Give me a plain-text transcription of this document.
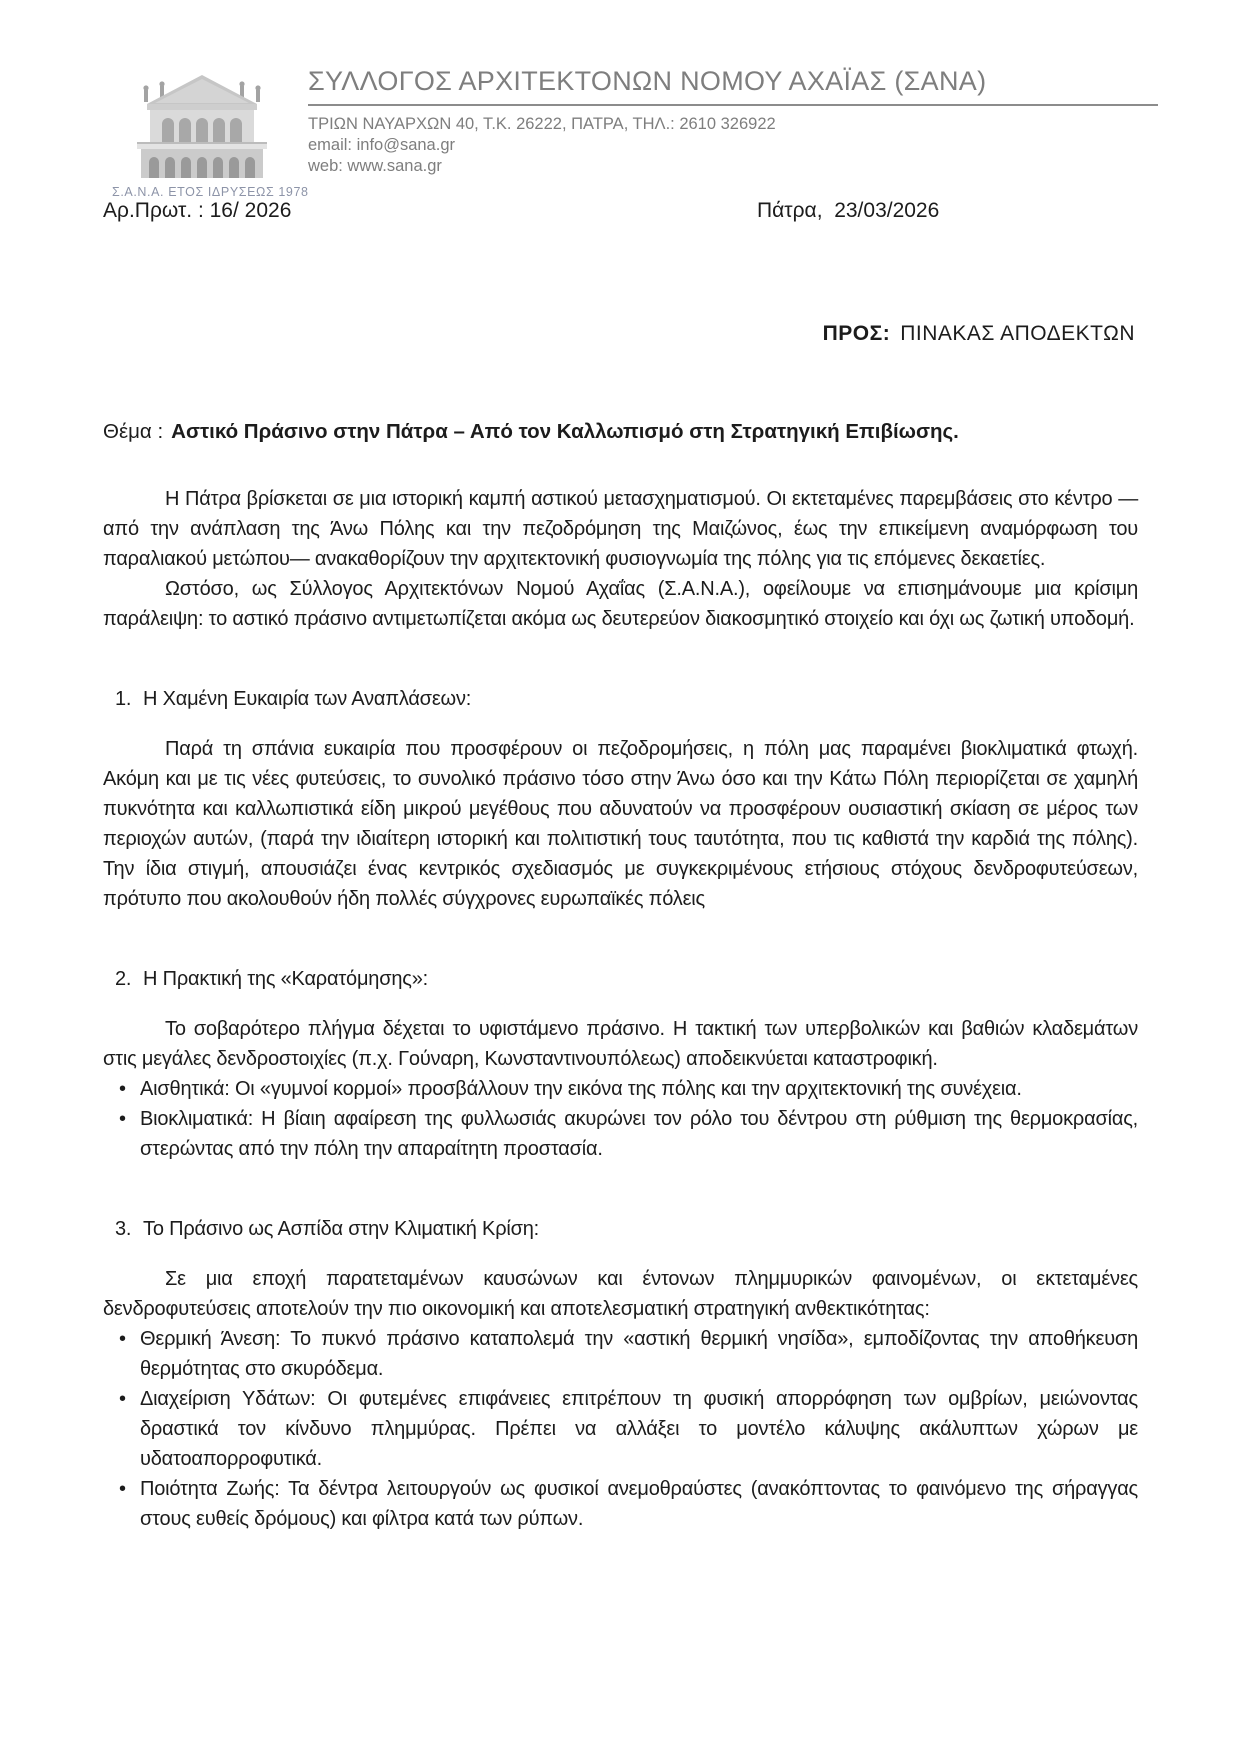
Σ.Α.Ν.Α. ΕΤΟΣ ΙΔΡΥΣΕΩΣ 1978
ΣΥΛΛΟΓΟΣ ΑΡΧΙΤΕΚΤΟΝΩΝ ΝΟΜΟΥ ΑΧΑΪΑΣ (ΣΑΝΑ)
ΤΡΙΩΝ ΝΑΥΑΡΧΩΝ 40, Τ.Κ. 26222, ΠΑΤΡΑ, ΤΗΛ.: 2610 326922
email: info@sana.gr
web: www.sana.gr
Αρ.Πρωτ. : 16/ 2026	Πάτρα,  23/03/2026
ΠΡΟΣ: ΠΙΝΑΚΑΣ ΑΠΟΔΕΚΤΩΝ
Θέμα : Αστικό Πράσινο στην Πάτρα – Από τον Καλλωπισμό στη Στρατηγική Επιβίωσης.

Η Πάτρα βρίσκεται σε μια ιστορική καμπή αστικού μετασχηματισμού. Οι εκτεταμένες παρεμβάσεις στο κέντρο —από την ανάπλαση της Άνω Πόλης και την πεζοδρόμηση της Μαιζώνος, έως την επικείμενη αναμόρφωση του παραλιακού μετώπου— ανακαθορίζουν την αρχιτεκτονική φυσιογνωμία της πόλης για τις επόμενες δεκαετίες.

Ωστόσο, ως Σύλλογος Αρχιτεκτόνων Νομού Αχαΐας (Σ.Α.Ν.Α.), οφείλουμε να επισημάνουμε μια κρίσιμη παράλειψη: το αστικό πράσινο αντιμετωπίζεται ακόμα ως δευτερεύον διακοσμητικό στοιχείο και όχι ως ζωτική υποδομή.

1. Η Χαμένη Ευκαιρία των Αναπλάσεων:

Παρά τη σπάνια ευκαιρία που προσφέρουν οι πεζοδρομήσεις, η πόλη μας παραμένει βιοκλιματικά φτωχή. Ακόμη και με τις νέες φυτεύσεις, το συνολικό πράσινο τόσο στην Άνω όσο και την Κάτω Πόλη περιορίζεται σε χαμηλή πυκνότητα και καλλωπιστικά είδη μικρού μεγέθους που αδυνατούν να προσφέρουν ουσιαστική σκίαση σε μέρος των περιοχών αυτών, (παρά την ιδιαίτερη ιστορική και πολιτιστική τους ταυτότητα, που τις καθιστά την καρδιά της πόλης). Την ίδια στιγμή, απουσιάζει ένας κεντρικός σχεδιασμός με συγκεκριμένους ετήσιους στόχους δενδροφυτεύσεων, πρότυπο που ακολουθούν ήδη πολλές σύγχρονες ευρωπαϊκές πόλεις

2. Η Πρακτική της «Καρατόμησης»:

Το σοβαρότερο πλήγμα δέχεται το υφιστάμενο πράσινο. Η τακτική των υπερβολικών και βαθιών κλαδεμάτων στις μεγάλες δενδροστοιχίες (π.χ. Γούναρη, Κωνσταντινουπόλεως) αποδεικνύεται καταστροφική.

• Αισθητικά: Οι «γυμνοί κορμοί» προσβάλλουν την εικόνα της πόλης και την αρχιτεκτονική της συνέχεια.
• Βιοκλιματικά: Η βίαιη αφαίρεση της φυλλωσιάς ακυρώνει τον ρόλο του δέντρου στη ρύθμιση της θερμοκρασίας, στερώντας από την πόλη την απαραίτητη προστασία.
3. Το Πράσινο ως Ασπίδα στην Κλιματική Κρίση:

Σε μια εποχή παρατεταμένων καυσώνων και έντονων πλημμυρικών φαινομένων, οι εκτεταμένες δενδροφυτεύσεις αποτελούν την πιο οικονομική και αποτελεσματική στρατηγική ανθεκτικότητας:

• Θερμική Άνεση: Το πυκνό πράσινο καταπολεμά την «αστική θερμική νησίδα», εμποδίζοντας την αποθήκευση θερμότητας στο σκυρόδεμα.
• Διαχείριση Υδάτων: Οι φυτεμένες επιφάνειες επιτρέπουν τη φυσική απορρόφηση των ομβρίων, μειώνοντας δραστικά τον κίνδυνο πλημμύρας. Πρέπει να αλλάξει το μοντέλο κάλυψης ακάλυπτων χώρων με υδατοαπορροφυτικά.
• Ποιότητα Ζωής: Τα δέντρα λειτουργούν ως φυσικοί ανεμοθραύστες (ανακόπτοντας το φαινόμενο της σήραγγας στους ευθείς δρόμους) και φίλτρα κατά των ρύπων.
